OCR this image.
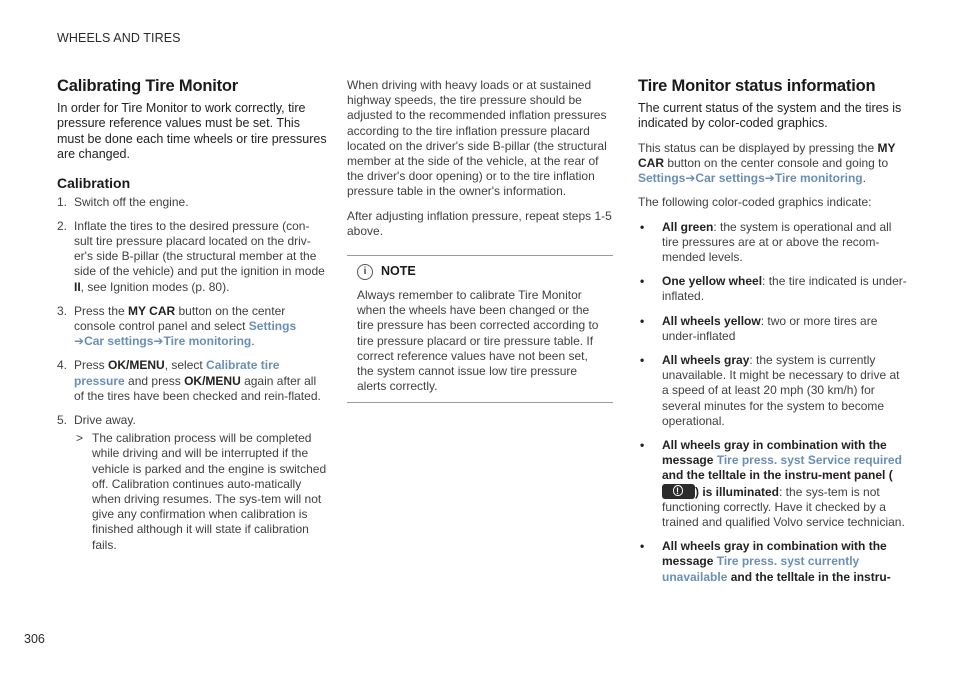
WHEELS AND TIRES
Calibrating Tire Monitor

In order for Tire Monitor to work correctly, tire pressure reference values must be set. This must be done each time wheels or tire pressures are changed.

Calibration
1. Switch off the engine.
2. Inflate the tires to the desired pressure (con-sult tire pressure placard located on the driv-er's side B-pillar (the structural member at the side of the vehicle) and put the ignition in mode II, see Ignition modes (p. 80).
3. Press the MY CAR button on the center console control panel and select Settings
➔Car settings➔Tire monitoring.
4. Press OK/MENU, select Calibrate tire pressure and press OK/MENU again after all of the tires have been checked and rein-flated.
5. Drive away.
> The calibration process will be completed while driving and will be interrupted if the vehicle is parked and the engine is switched off. Calibration continues auto-matically when driving resumes. The sys-tem will not give any confirmation when calibration is finished although it will state if calibration fails.

When driving with heavy loads or at sustained highway speeds, the tire pressure should be adjusted to the recommended inflation pressures according to the tire inflation pressure placard located on the driver's side B-pillar (the structural member at the side of the vehicle, at the rear of the driver's door opening) or to the tire inflation pressure table in the owner's information.

After adjusting inflation pressure, repeat steps 1-5 above.

i	NOTE
Always remember to calibrate Tire Monitor when the wheels have been changed or the tire pressure has been corrected according to tire pressure placard or tire pressure table. If correct reference values have not been set, the system cannot issue low tire pressure alerts correctly.
Tire Monitor status information

The current status of the system and the tires is indicated by color-coded graphics.

This status can be displayed by pressing the MY CAR button on the center console and going to
Settings➔Car settings➔Tire monitoring.

The following color-coded graphics indicate:

• All green: the system is operational and all tire pressures are at or above the recom-mended levels.
• One yellow wheel: the tire indicated is under-inflated.
• All wheels yellow: two or more tires are under-inflated
• All wheels gray: the system is currently unavailable. It might be necessary to drive at a speed of at least 20 mph (30 km/h) for several minutes for the system to become operational.
• All wheels gray in combination with the message Tire press. syst Service required and the telltale in the instru-ment panel (
!
) is illuminated: the sys-tem is not functioning correctly. Have it checked by a trained and qualified Volvo service technician.
• All wheels gray in combination with the message Tire press. syst currently unavailable and the telltale in the instru-
306
